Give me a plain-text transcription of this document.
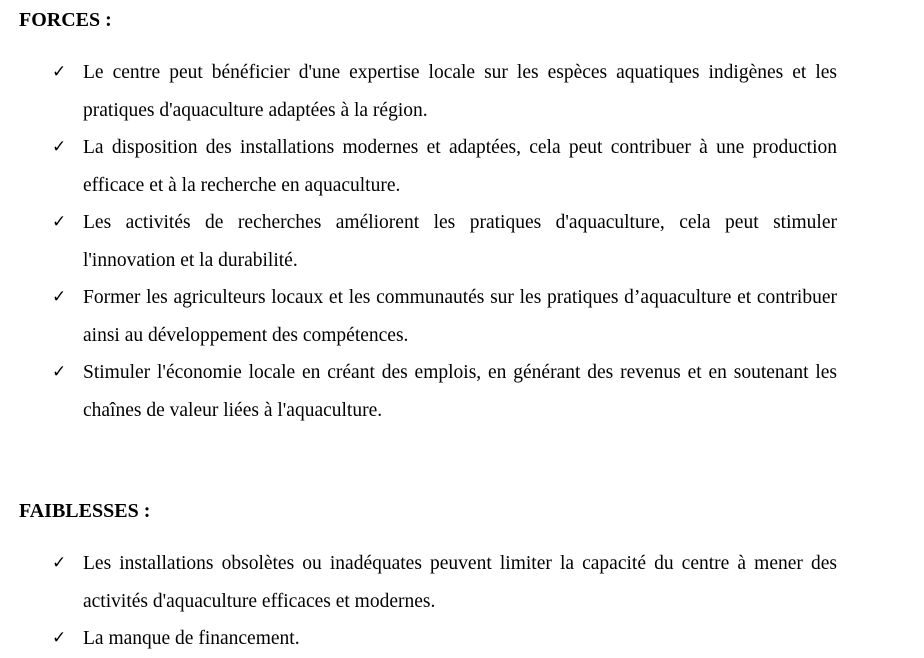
FORCES :
✓ Le centre peut bénéficier d'une expertise locale sur les espèces aquatiques indigènes et les pratiques d'aquaculture adaptées à la région.
✓ La disposition des installations modernes et adaptées, cela peut contribuer à une production efficace et à la recherche en aquaculture.
✓ Les activités de recherches améliorent les pratiques d'aquaculture, cela peut stimuler l'innovation et la durabilité.
✓ Former les agriculteurs locaux et les communautés sur les pratiques d’aquaculture et contribuer ainsi au développement des compétences.
✓ Stimuler l'économie locale en créant des emplois, en générant des revenus et en soutenant les chaînes de valeur liées à l'aquaculture.
FAIBLESSES :
✓ Les installations obsolètes ou inadéquates peuvent limiter la capacité du centre à mener des activités d'aquaculture efficaces et modernes.
✓ La manque de financement.
